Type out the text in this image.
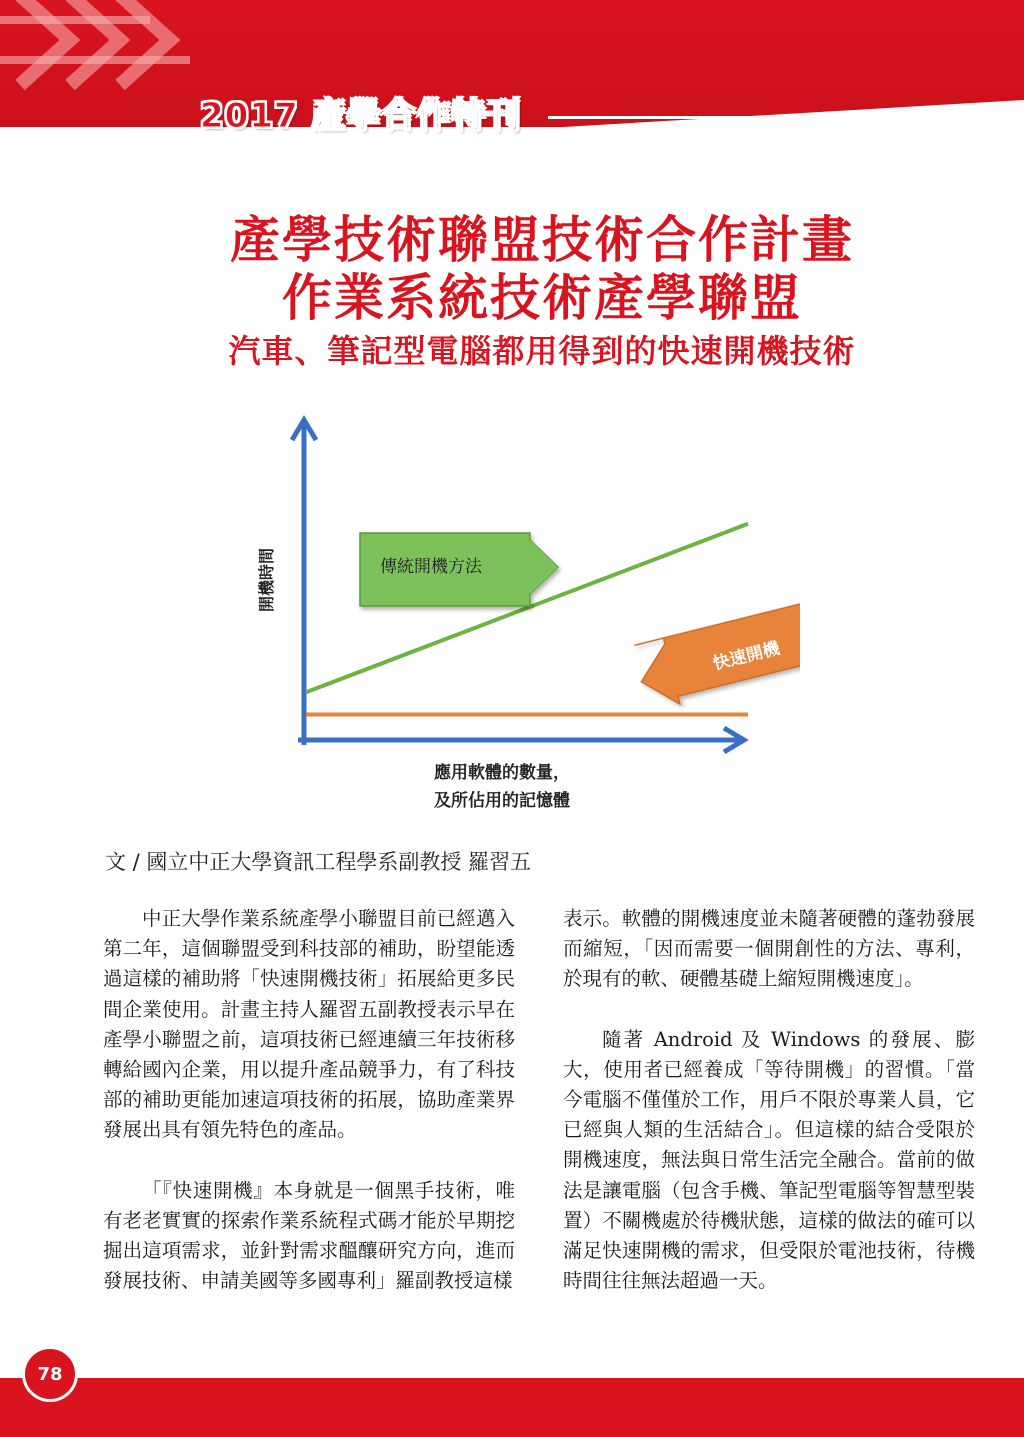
2017 產學合作特刊
產學技術聯盟技術合作計畫
作業系統技術產學聯盟
汽車、筆記型電腦都用得到的快速開機技術
傳統開機方法
快速開機
開機時間
應用軟體的數量，
及所佔用的記憶體
文 / 國立中正大學資訊工程學系副教授 羅習五

中正大學作業系統產學小聯盟目前已經邁入第二年，這個聯盟受到科技部的補助，盼望能透過這樣的補助將「快速開機技術」拓展給更多民間企業使用。計畫主持人羅習五副教授表示早在產學小聯盟之前，這項技術已經連續三年技術移轉給國內企業，用以提升產品競爭力，有了科技部的補助更能加速這項技術的拓展，協助產業界發展出具有領先特色的產品。

「『快速開機』本身就是一個黑手技術，唯有老老實實的探索作業系統程式碼才能於早期挖掘出這項需求，並針對需求醞釀研究方向，進而發展技術、申請美國等多國專利」羅副教授這樣

表示。軟體的開機速度並未隨著硬體的蓬勃發展而縮短，「因而需要一個開創性的方法、專利，於現有的軟、硬體基礎上縮短開機速度」。

隨著 Android 及 Windows 的發展、膨大，使用者已經養成「等待開機」的習慣。「當今電腦不僅僅於工作，用戶不限於專業人員，它已經與人類的生活結合」。但這樣的結合受限於開機速度，無法與日常生活完全融合。當前的做法是讓電腦（包含手機、筆記型電腦等智慧型裝置）不關機處於待機狀態，這樣的做法的確可以滿足快速開機的需求，但受限於電池技術，待機時間往往無法超過一天。

78
